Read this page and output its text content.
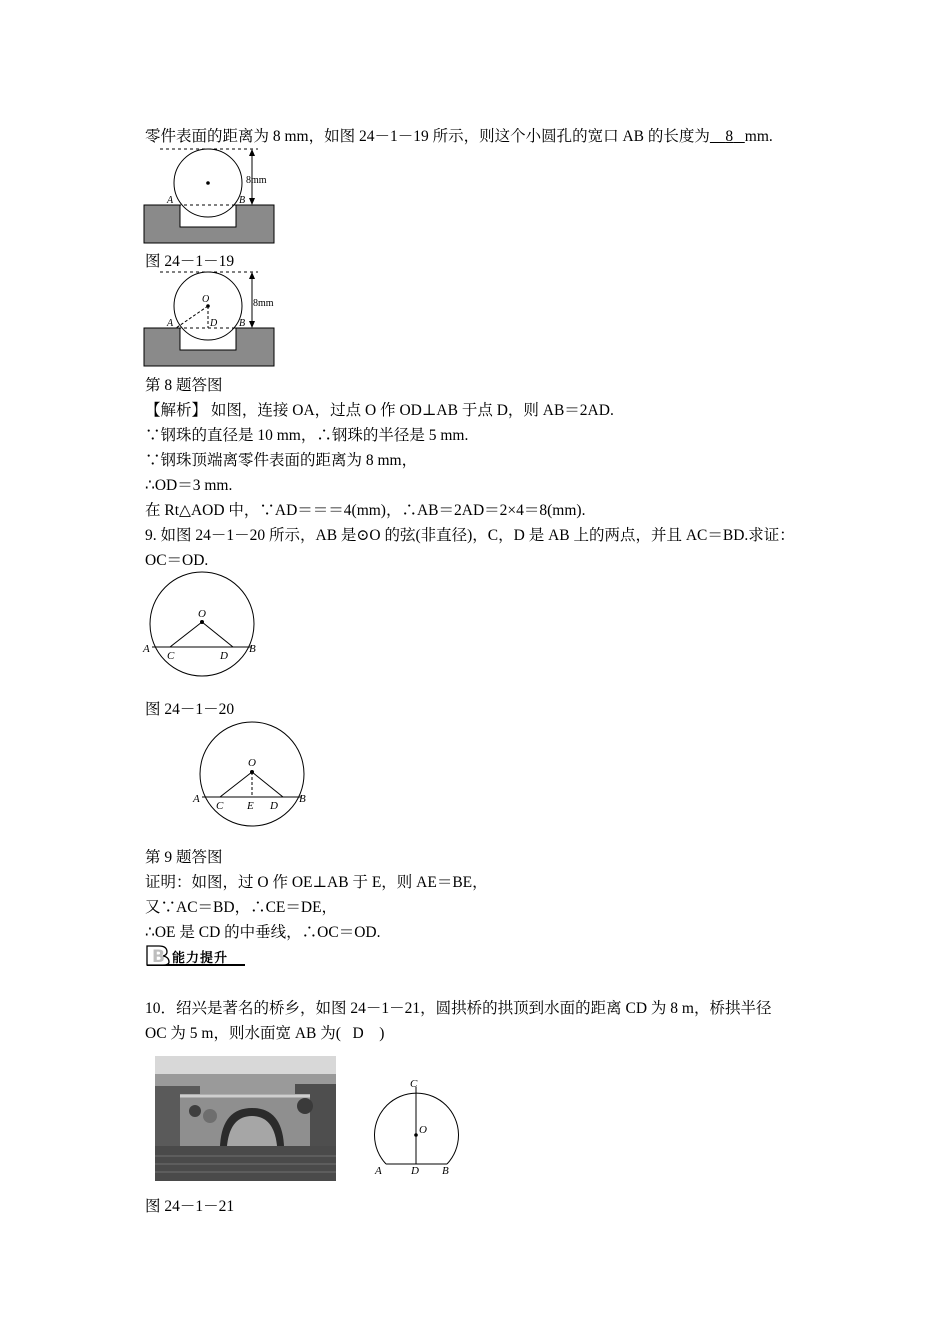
零件表面的距离为 8 mm，如图 24－1－19 所示，则这个小圆孔的宽口 AB 的长度为 8 mm.
8mm
A	B
图 24－1－19
O
D
8mm
A	B
第 8 题答图
【解析】 如图，连接 OA，过点 O 作 OD⊥AB 于点 D，则 AB＝2AD.
∵钢珠的直径是 10 mm，∴钢珠的半径是 5 mm.
∵钢珠顶端离零件表面的距离为 8 mm，
∴OD＝3 mm.
在 Rt△AOD 中，∵AD＝＝＝4(mm)，∴AB＝2AD＝2×4＝8(mm).
9. 如图 24－1－20 所示，AB 是⊙O 的弦(非直径)，C，D 是 AB 上的两点，并且 AC＝BD.求证：
OC＝OD.
O
A
C	D
B
图 24－1－20
O
A
C E D
B
第 9 题答图
证明：如图，过 O 作 OE⊥AB 于 E，则 AE＝BE，
又∵AC＝BD，∴CE＝DE，
∴OE 是 CD 的中垂线，∴OC＝OD.
B 能力提升
10．绍兴是著名的桥乡，如图 24－1－21，圆拱桥的拱顶到水面的距离 CD 为 8 m，桥拱半径
OC 为 5 m，则水面宽 AB 为( D )
C
O
A	D B
图 24－1－21
